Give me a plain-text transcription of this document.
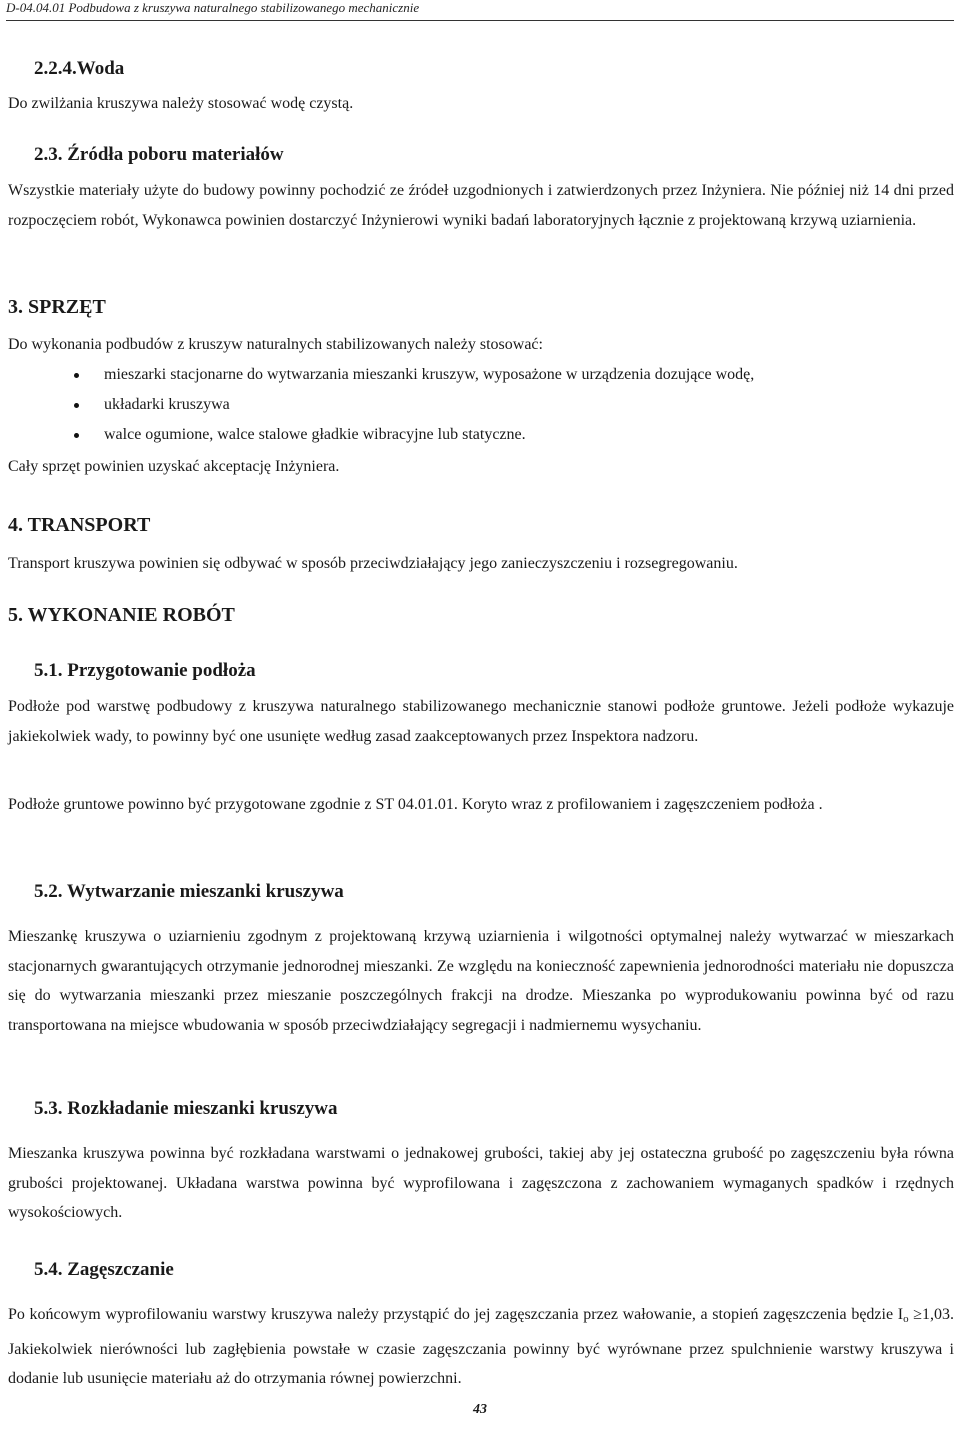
D-04.04.01 Podbudowa z kruszywa naturalnego stabilizowanego mechanicznie
2.2.4.Woda
Do zwilżania kruszywa należy stosować wodę czystą.
2.3. Źródła poboru materiałów
Wszystkie materiały użyte do budowy powinny pochodzić ze źródeł uzgodnionych i zatwierdzonych przez Inżyniera. Nie później niż 14 dni przed rozpoczęciem robót, Wykonawca powinien dostarczyć Inżynierowi wyniki badań laboratoryjnych łącznie z projektowaną krzywą uziarnienia.
3. SPRZĘT
Do wykonania podbudów z kruszyw naturalnych stabilizowanych należy stosować:
mieszarki stacjonarne do wytwarzania mieszanki kruszyw, wyposażone w urządzenia dozujące wodę,
układarki kruszywa
walce ogumione, walce stalowe gładkie wibracyjne lub statyczne.
Cały sprzęt powinien uzyskać akceptację Inżyniera.
4. TRANSPORT
Transport kruszywa powinien się odbywać w sposób przeciwdziałający jego zanieczyszczeniu i rozsegregowaniu.
5. WYKONANIE ROBÓT
5.1. Przygotowanie podłoża
Podłoże pod warstwę podbudowy z kruszywa naturalnego stabilizowanego mechanicznie stanowi podłoże gruntowe. Jeżeli podłoże wykazuje jakiekolwiek wady, to powinny być one usunięte według zasad zaakceptowanych przez Inspektora nadzoru.
Podłoże gruntowe powinno być przygotowane zgodnie z ST 04.01.01. Koryto wraz z profilowaniem i zagęszczeniem podłoża .
5.2. Wytwarzanie mieszanki kruszywa
Mieszankę kruszywa o uziarnieniu zgodnym z projektowaną krzywą uziarnienia i wilgotności optymalnej należy wytwarzać w mieszarkach stacjonarnych gwarantujących otrzymanie jednorodnej mieszanki. Ze względu na konieczność zapewnienia jednorodności materiału nie dopuszcza się do wytwarzania mieszanki przez mieszanie poszczególnych frakcji na drodze. Mieszanka po wyprodukowaniu powinna być od razu transportowana na miejsce wbudowania w sposób przeciwdziałający segregacji i nadmiernemu wysychaniu.
5.3. Rozkładanie mieszanki kruszywa
Mieszanka kruszywa powinna być rozkładana warstwami o jednakowej grubości, takiej aby jej ostateczna grubość po zagęszczeniu była równa grubości projektowanej. Układana warstwa powinna być wyprofilowana i zagęszczona z zachowaniem wymaganych spadków i rzędnych wysokościowych.
5.4. Zagęszczanie
Po końcowym wyprofilowaniu warstwy kruszywa należy przystąpić do jej zagęszczania przez wałowanie, a stopień zagęszczenia będzie Io ≥1,03. Jakiekolwiek nierówności lub zagłębienia powstałe w czasie zagęszczania powinny być wyrównane przez spulchnienie warstwy kruszywa i dodanie lub usunięcie materiału aż do otrzymania równej powierzchni.
43
